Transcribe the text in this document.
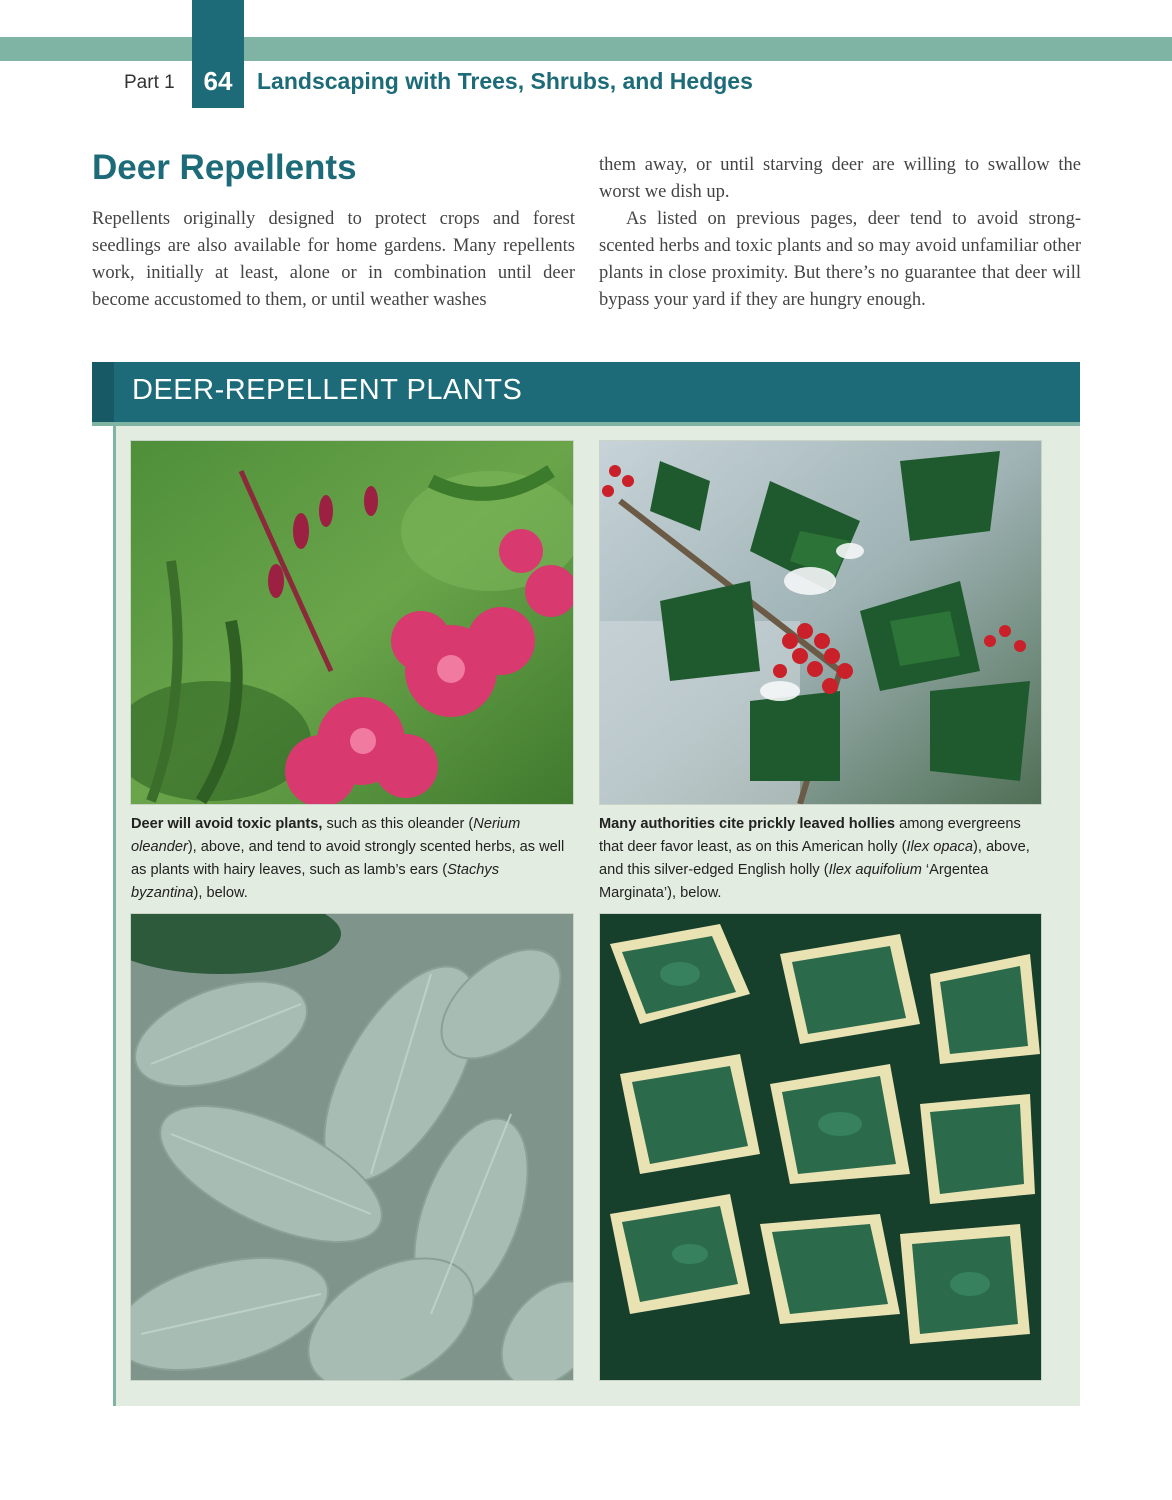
64
Part 1	Landscaping with Trees, Shrubs, and Hedges
Deer Repellents

Repellents originally designed to protect crops and forest seedlings are also available for home gardens. Many repellents work, initially at least, alone or in combination until deer become accustomed to them, or until weather washes

them away, or until starving deer are willing to swallow the worst we dish up.

As listed on previous pages, deer tend to avoid strong-scented herbs and toxic plants and so may avoid unfamiliar other plants in close proximity. But there’s no guarantee that deer will bypass your yard if they are hungry enough.

DEER-REPELLENT PLANTS

Deer will avoid toxic plants, such as this oleander (Nerium oleander), above, and tend to avoid strongly scented herbs, as well as plants with hairy leaves, such as lamb’s ears (Stachys byzantina), below.

Many authorities cite prickly leaved hollies among evergreens that deer favor least, as on this American holly (Ilex opaca), above, and this silver-edged English holly (Ilex aquifolium ‘Argentea Marginata’), below.
